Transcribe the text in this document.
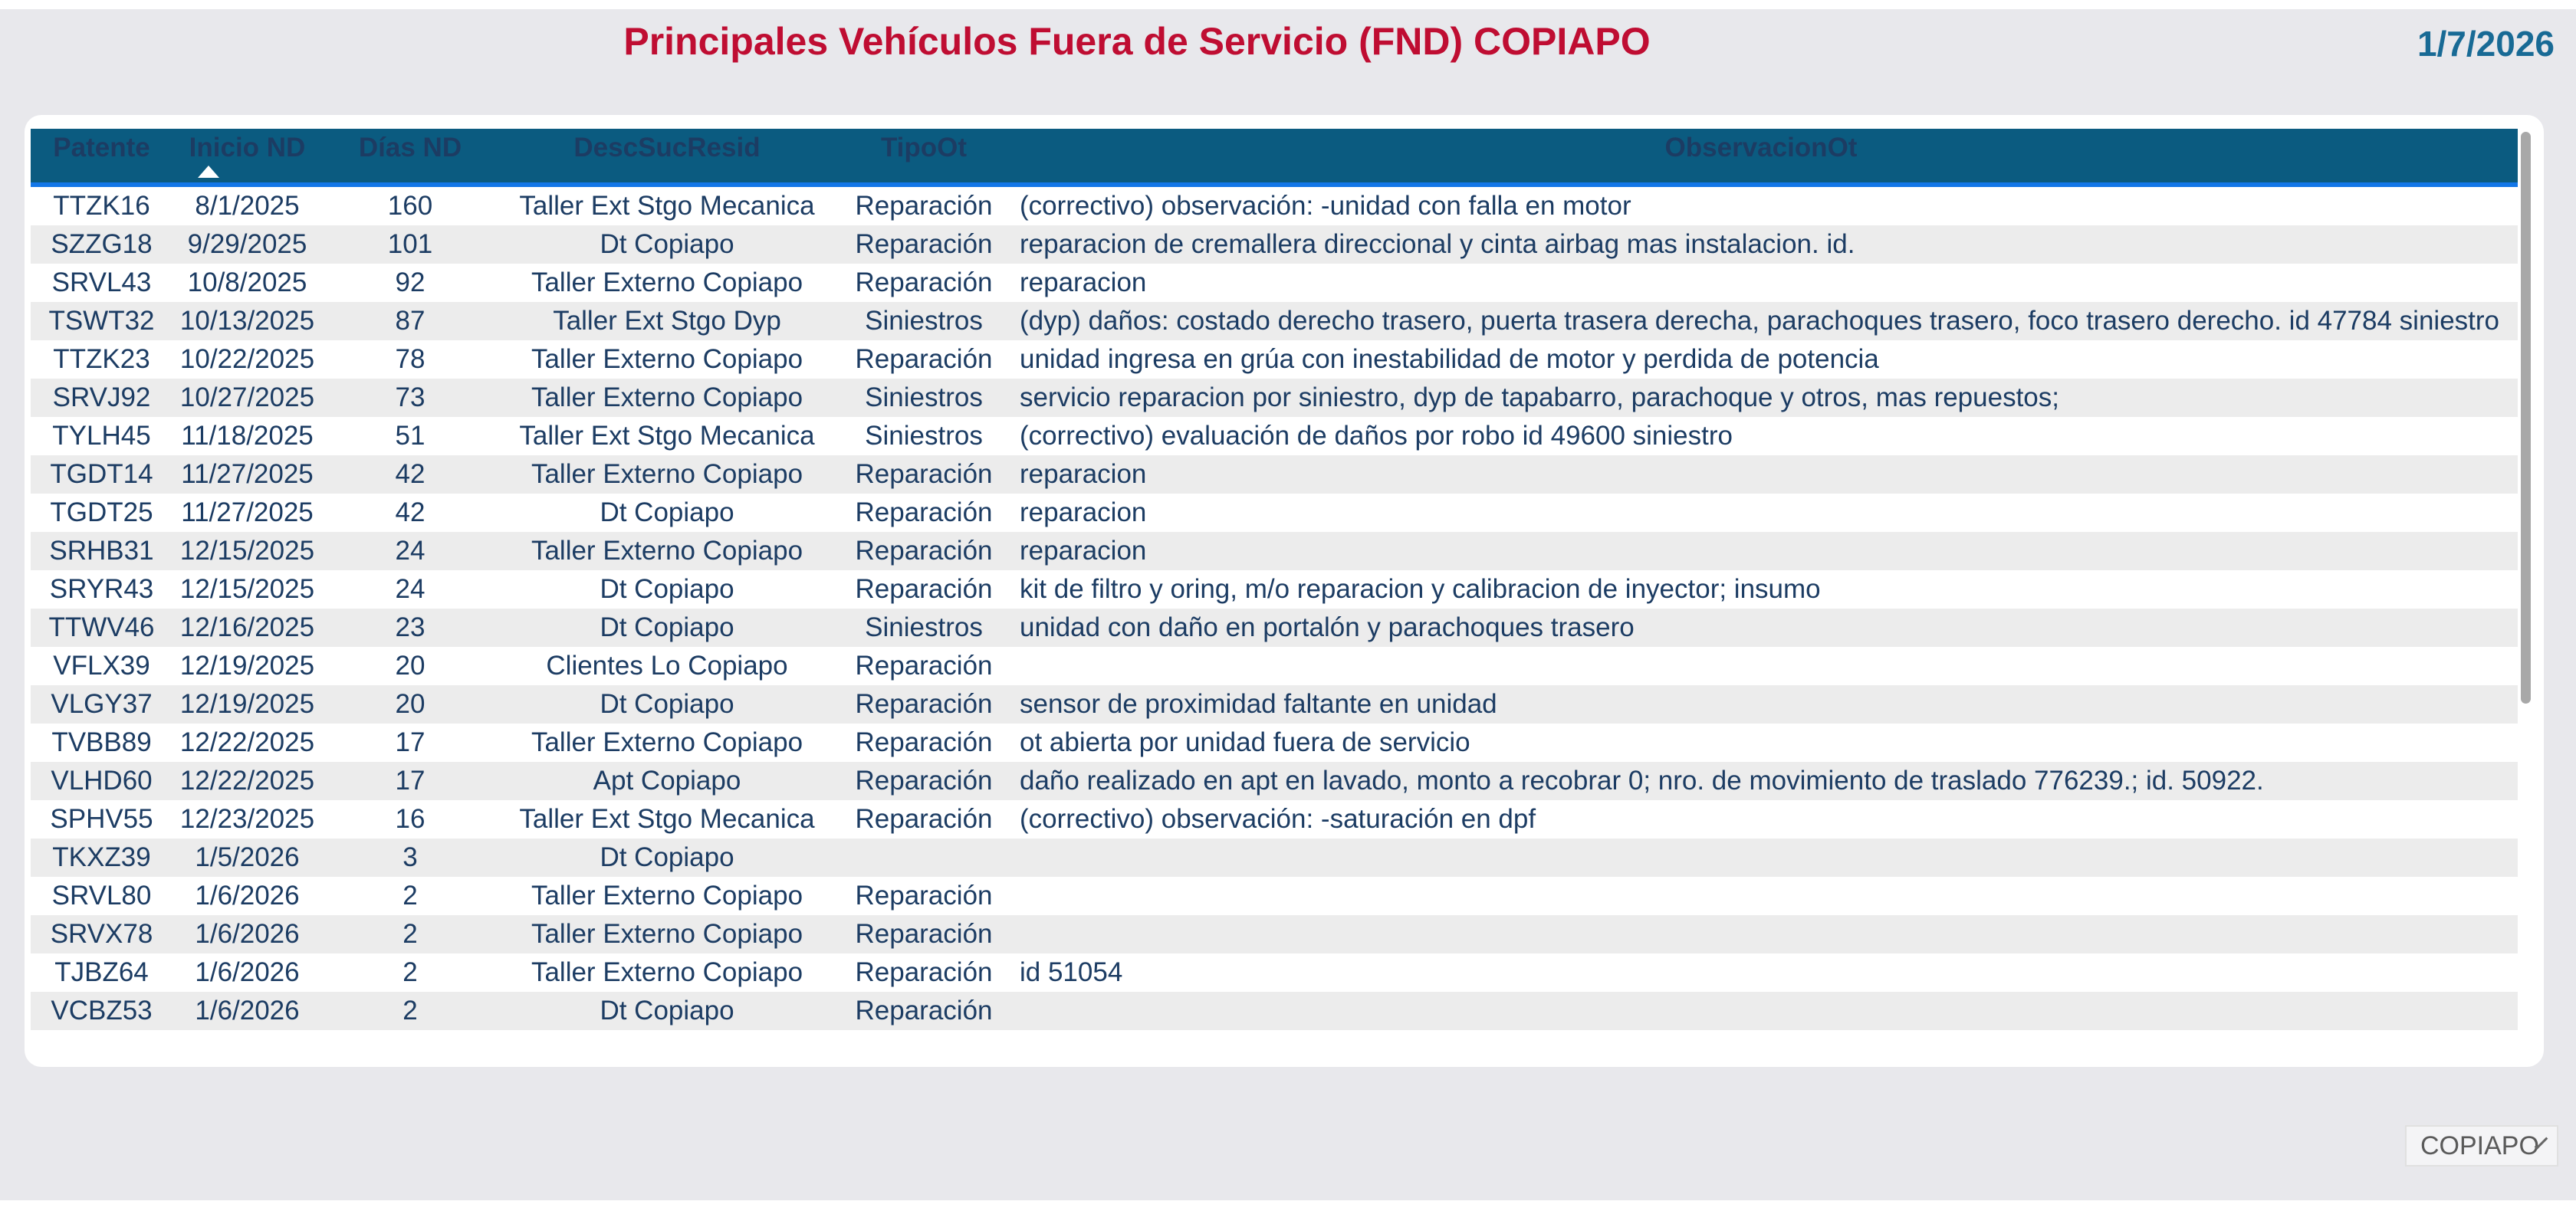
Principales Vehículos Fuera de Servicio (FND) COPIAPO	1/7/2026
Patente	Inicio ND	Días ND	DescSucResid	TipoOt	ObservacionOt
TTZK16	8/1/2025	160	Taller Ext Stgo Mecanica	Reparación	(correctivo) observación: -unidad con falla en motor
SZZG18	9/29/2025	101	Dt Copiapo	Reparación	reparacion de cremallera direccional y cinta airbag mas instalacion. id.
SRVL43	10/8/2025	92	Taller Externo Copiapo	Reparación	reparacion
TSWT32 10/13/2025	87	Taller Ext Stgo Dyp	Siniestros	(dyp) daños: costado derecho trasero, puerta trasera derecha, parachoques trasero, foco trasero derecho. id 47784 siniestro
TTZK23	10/22/2025	78	Taller Externo Copiapo	Reparación	unidad ingresa en grúa con inestabilidad de motor y perdida de potencia
SRVJ92	10/27/2025	73	Taller Externo Copiapo	Siniestros	servicio reparacion por siniestro, dyp de tapabarro, parachoque y otros, mas repuestos;
TYLH45	11/18/2025	51	Taller Ext Stgo Mecanica	Siniestros	(correctivo) evaluación de daños por robo id 49600 siniestro
TGDT14	11/27/2025	42	Taller Externo Copiapo	Reparación	reparacion
TGDT25	11/27/2025	42	Dt Copiapo	Reparación	reparacion
SRHB31 12/15/2025	24	Taller Externo Copiapo	Reparación	reparacion
SRYR43 12/15/2025	24	Dt Copiapo	Reparación	kit de filtro y oring, m/o reparacion y calibracion de inyector; insumo
TTWV46 12/16/2025	23	Dt Copiapo	Siniestros	unidad con daño en portalón y parachoques trasero
VFLX39	12/19/2025	20	Clientes Lo Copiapo	Reparación
VLGY37	12/19/2025	20	Dt Copiapo	Reparación	sensor de proximidad faltante en unidad
TVBB89	12/22/2025	17	Taller Externo Copiapo	Reparación	ot abierta por unidad fuera de servicio
VLHD60	12/22/2025	17	Apt Copiapo	Reparación	daño realizado en apt en lavado, monto a recobrar 0; nro. de movimiento de traslado 776239.; id. 50922.
SPHV55	12/23/2025	16	Taller Ext Stgo Mecanica	Reparación	(correctivo) observación: -saturación en dpf
TKXZ39	1/5/2026	3	Dt Copiapo
SRVL80	1/6/2026	2	Taller Externo Copiapo	Reparación
SRVX78	1/6/2026	2	Taller Externo Copiapo	Reparación
TJBZ64	1/6/2026	2	Taller Externo Copiapo	Reparación	id 51054
VCBZ53	1/6/2026	2	Dt Copiapo	Reparación
COPIAPO
